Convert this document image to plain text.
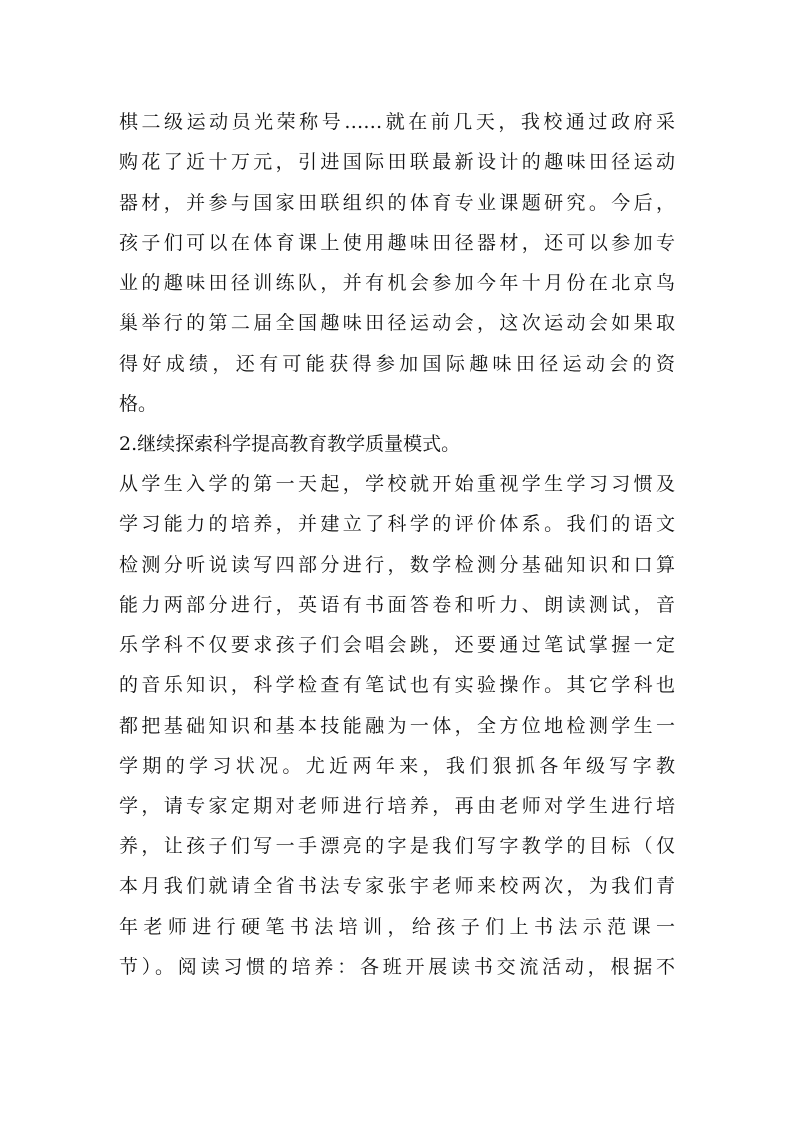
棋二级运动员光荣称号……就在前几天，我校通过政府采
购花了近十万元，引进国际田联最新设计的趣味田径运动
器材，并参与国家田联组织的体育专业课题研究。今后，
孩子们可以在体育课上使用趣味田径器材，还可以参加专
业的趣味田径训练队，并有机会参加今年十月份在北京鸟
巢举行的第二届全国趣味田径运动会，这次运动会如果取
得好成绩，还有可能获得参加国际趣味田径运动会的资
格。
2.继续探索科学提高教育教学质量模式。
从学生入学的第一天起，学校就开始重视学生学习习惯及
学习能力的培养，并建立了科学的评价体系。我们的语文
检测分听说读写四部分进行，数学检测分基础知识和口算
能力两部分进行，英语有书面答卷和听力、朗读测试，音
乐学科不仅要求孩子们会唱会跳，还要通过笔试掌握一定
的音乐知识，科学检查有笔试也有实验操作。其它学科也
都把基础知识和基本技能融为一体，全方位地检测学生一
学期的学习状况。尤近两年来，我们狠抓各年级写字教
学，请专家定期对老师进行培养，再由老师对学生进行培
养，让孩子们写一手漂亮的字是我们写字教学的目标（仅
本月我们就请全省书法专家张宇老师来校两次，为我们青
年老师进行硬笔书法培训，给孩子们上书法示范课一
节）。阅读习惯的培养：各班开展读书交流活动，根据不
